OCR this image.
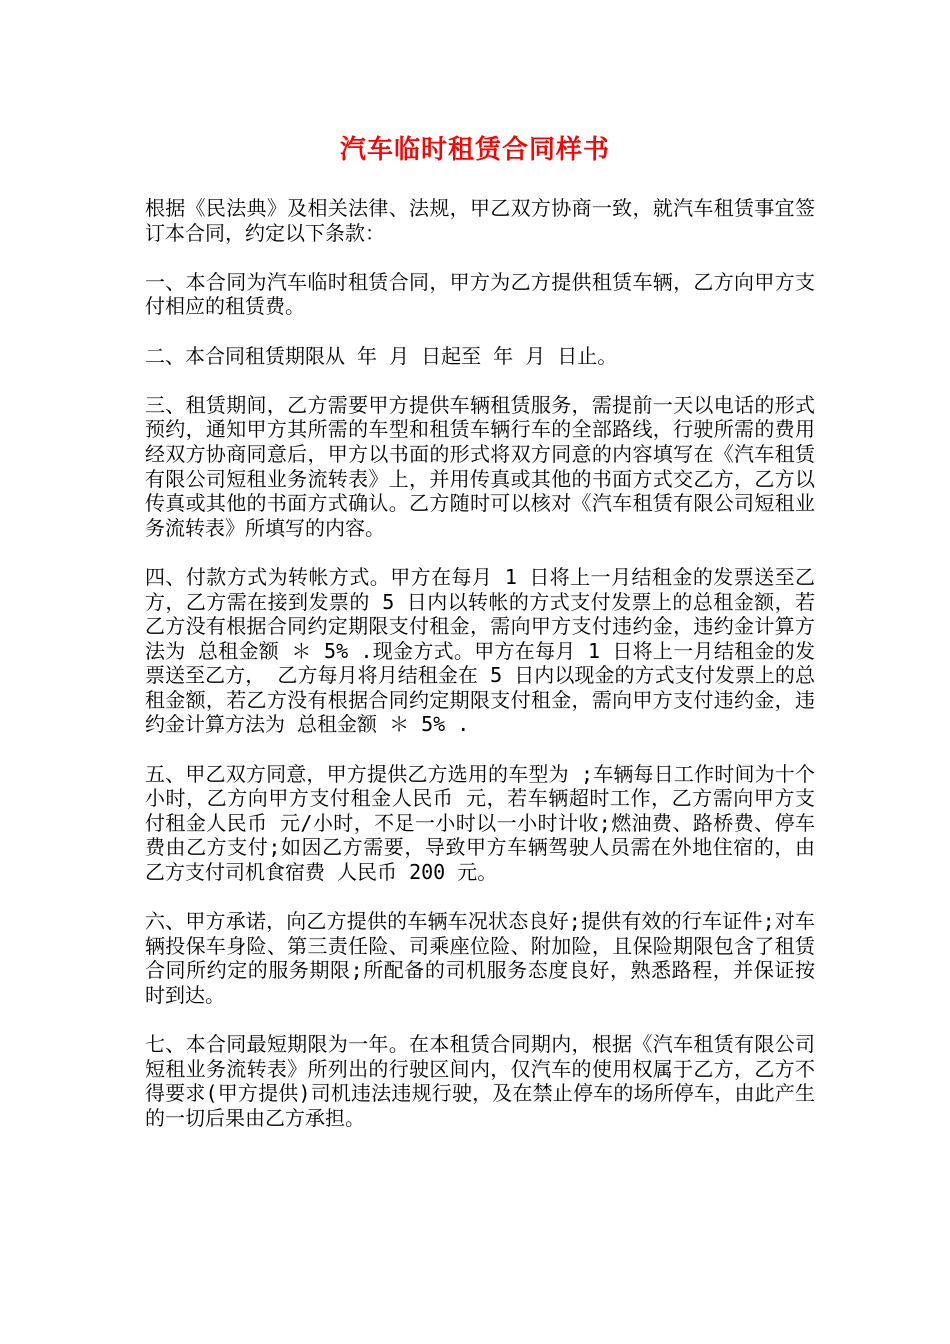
汽车临时租赁合同样书

根据《民法典》及相关法律、法规，甲乙双方协商一致，就汽车租赁事宜签订本合同，约定以下条款：

一、本合同为汽车临时租赁合同，甲方为乙方提供租赁车辆，乙方向甲方支付相应的租赁费。

二、本合同租赁期限从 年 月 日起至 年 月 日止。

三、租赁期间，乙方需要甲方提供车辆租赁服务，需提前一天以电话的形式预约，通知甲方其所需的车型和租赁车辆行车的全部路线，行驶所需的费用经双方协商同意后，甲方以书面的形式将双方同意的内容填写在《汽车租赁有限公司短租业务流转表》上，并用传真或其他的书面方式交乙方，乙方以传真或其他的书面方式确认。乙方随时可以核对《汽车租赁有限公司短租业务流转表》所填写的内容。

四、付款方式为转帐方式。甲方在每月 1 日将上一月结租金的发票送至乙方，乙方需在接到发票的 5 日内以转帐的方式支付发票上的总租金额，若乙方没有根据合同约定期限支付租金，需向甲方支付违约金，违约金计算方法为 总租金额 ＊ 5% .现金方式。甲方在每月 1 日将上一月结租金的发票送至乙方， 乙方每月将月结租金在 5 日内以现金的方式支付发票上的总租金额，若乙方没有根据合同约定期限支付租金，需向甲方支付违约金，违约金计算方法为 总租金额 ＊ 5% .

五、甲乙双方同意，甲方提供乙方选用的车型为 ;车辆每日工作时间为十个小时，乙方向甲方支付租金人民币 元，若车辆超时工作，乙方需向甲方支付租金人民币 元/小时，不足一小时以一小时计收;燃油费、路桥费、停车费由乙方支付;如因乙方需要，导致甲方车辆驾驶人员需在外地住宿的，由乙方支付司机食宿费 人民币 200 元。

六、甲方承诺，向乙方提供的车辆车况状态良好;提供有效的行车证件;对车辆投保车身险、第三责任险、司乘座位险、附加险，且保险期限包含了租赁合同所约定的服务期限;所配备的司机服务态度良好，熟悉路程，并保证按时到达。

七、本合同最短期限为一年。在本租赁合同期内，根据《汽车租赁有限公司短租业务流转表》所列出的行驶区间内，仅汽车的使用权属于乙方，乙方不得要求(甲方提供)司机违法违规行驶，及在禁止停车的场所停车，由此产生的一切后果由乙方承担。
